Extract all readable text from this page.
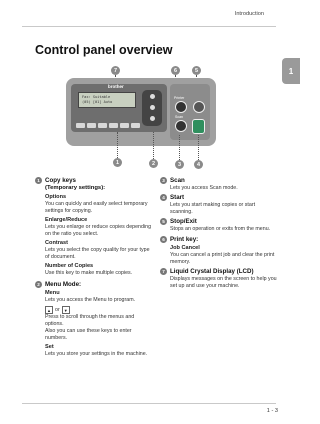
Introduction
1
Control panel overview
7	6	5
brother
Fax: Suitable
(05) [01] Auto
Printer
Scan
1	2	3	4
1 Copy keys
(Temporary settings):
Options
You can quickly and easily select temporary settings for copying.
Enlarge/Reduce
Lets you enlarge or reduce copies depending on the ratio you select.
Contrast
Lets you select the copy quality for your type of document.
Number of Copies
Use this key to make multiple copies.
2 Menu Mode:
Menu
Lets you access the Menu to program.
▲ or	▼
Press to scroll through the menus and options.
Also you can use these keys to enter numbers.
Set
Lets you store your settings in the machine.
3 Scan
Lets you access Scan mode.
4 Start
Lets you start making copies or start scanning.
5 Stop/Exit
Stops an operation or exits from the menu.
6 Print key:
Job Cancel
You can cancel a print job and clear the print memory.
7 Liquid Crystal Display (LCD)
Displays messages on the screen to help you set up and use your machine.
1 - 3
